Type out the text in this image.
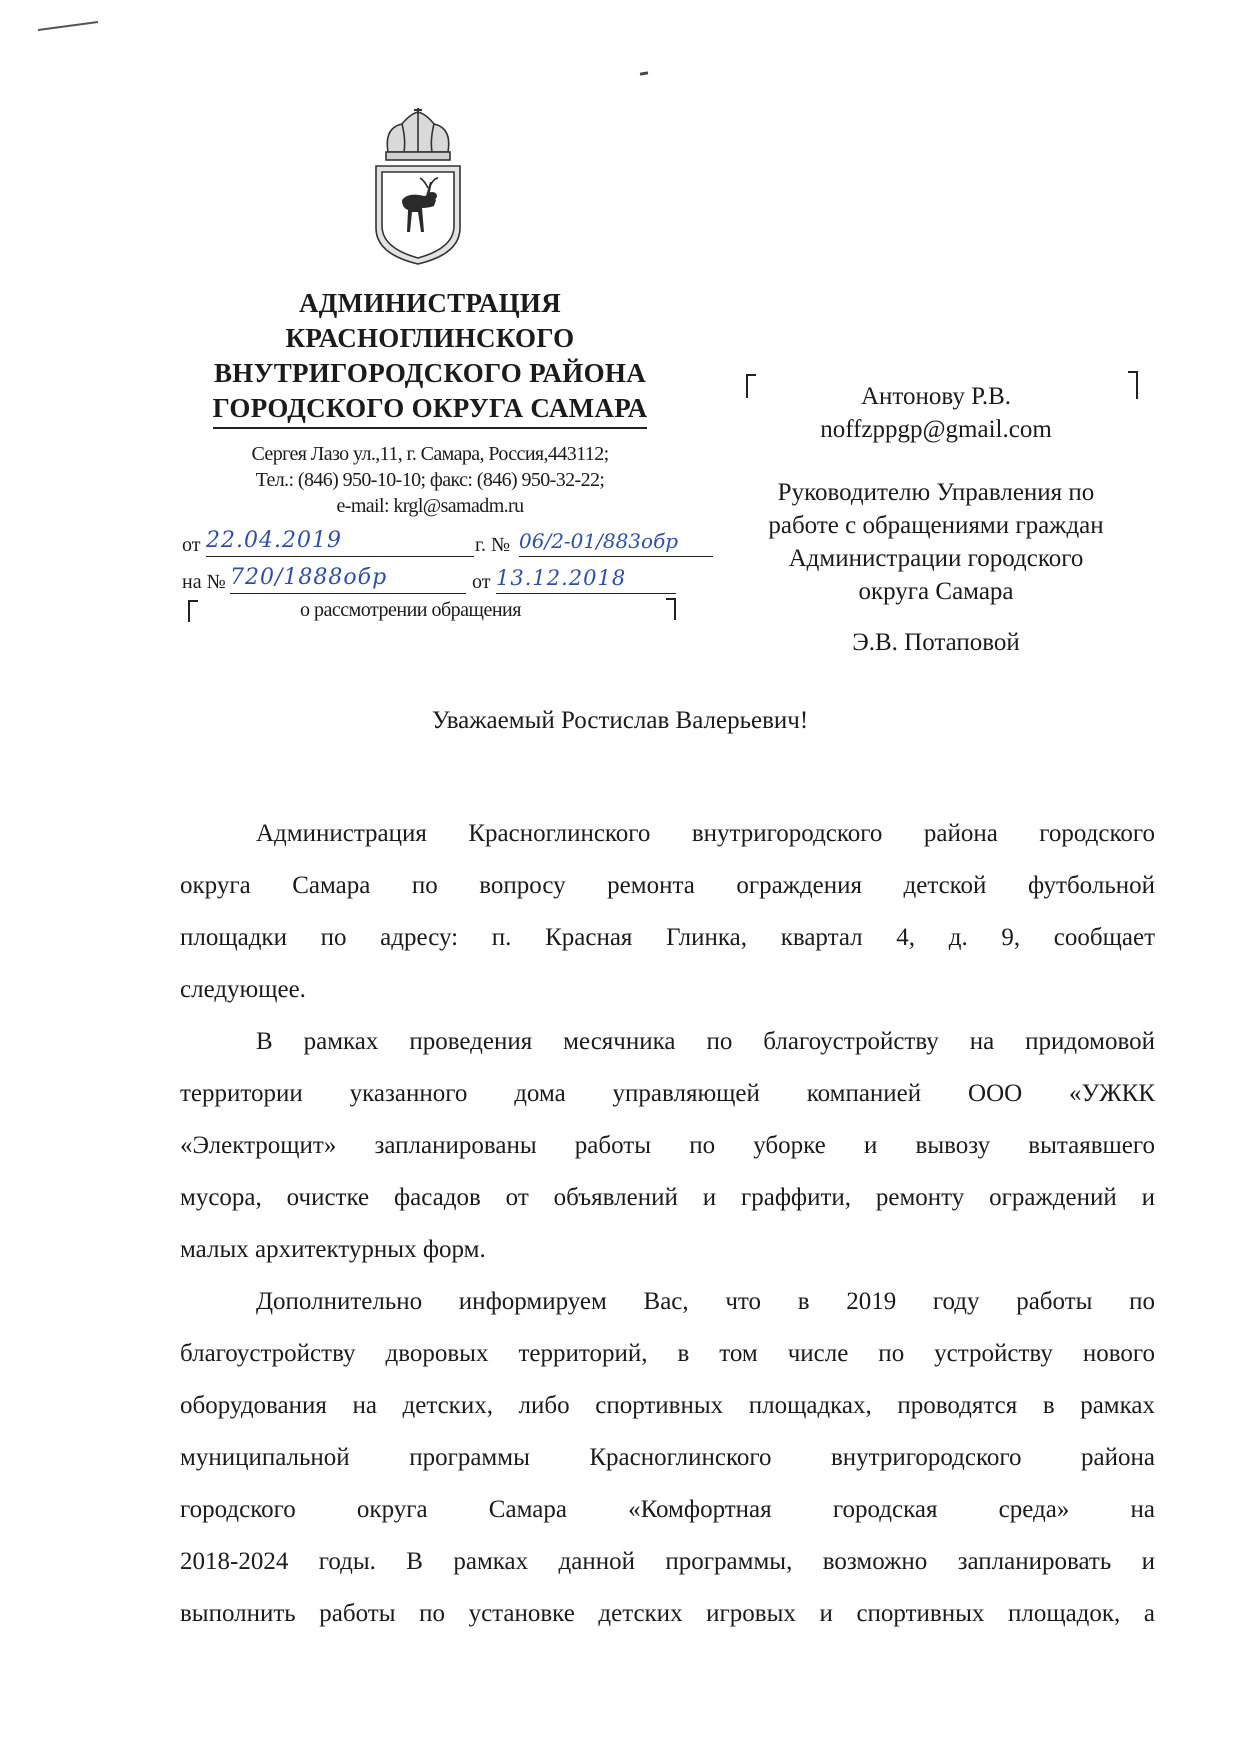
АДМИНИСТРАЦИЯ
КРАСНОГЛИНСКОГО
ВНУТРИГОРОДСКОГО РАЙОНА
ГОРОДСКОГО ОКРУГА САМАРА
Сергея Лазо ул.,11, г. Самара, Россия,443112;
Тел.: (846) 950-10-10; факс: (846) 950-32-22;
e-mail: krgl@samadm.ru
от 22.04.2019	г. № 06/2-01/883обр
на № 720/1888обр	от 13.12.2018
о рассмотрении обращения
Антонову Р.В.
noffzppgp@gmail.com
Руководителю Управления по
работе с обращениями граждан
Администрации городского
округа Самара
Э.В. Потаповой
Уважаемый Ростислав Валерьевич!
Администрация Красноглинского внутригородского района городского
округа Самара по вопросу ремонта ограждения детской футбольной
площадки по адресу: п. Красная Глинка, квартал 4, д. 9, сообщает
следующее.
В рамках проведения месячника по благоустройству на придомовой
территории указанного дома управляющей компанией ООО «УЖКК
«Электрощит» запланированы работы по уборке и вывозу вытаявшего
мусора, очистке фасадов от объявлений и граффити, ремонту ограждений и
малых архитектурных форм.
Дополнительно информируем Вас, что в 2019 году работы по
благоустройству дворовых территорий, в том числе по устройству нового
оборудования на детских, либо спортивных площадках, проводятся в рамках
муниципальной программы Красноглинского внутригородского района
городского округа Самара «Комфортная городская среда» на
2018-2024 годы. В рамках данной программы, возможно запланировать и
выполнить работы по установке детских игровых и спортивных площадок, а
